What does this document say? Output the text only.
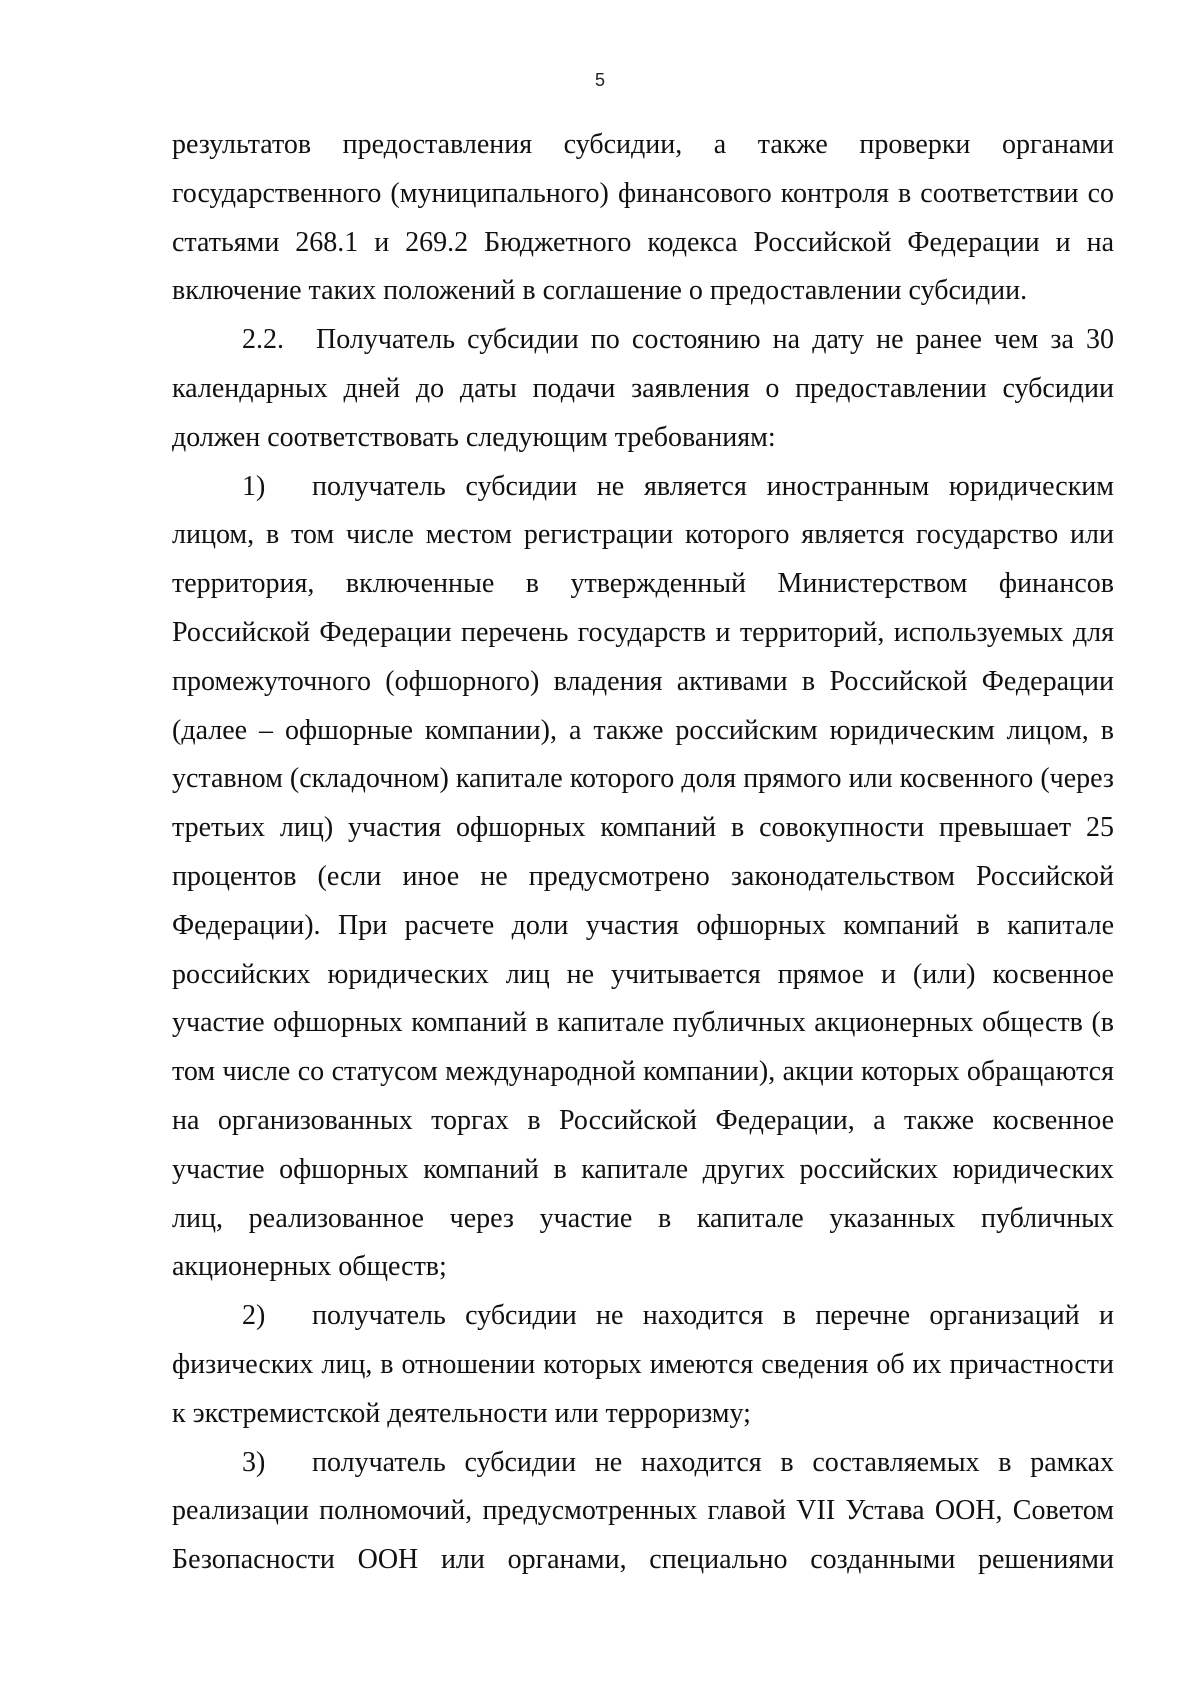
5

результатов предоставления субсидии, а также проверки органами государственного (муниципального) финансового контроля в соответствии со статьями 268.1 и 269.2 Бюджетного кодекса Российской Федерации и на включение таких положений в соглашение о предоставлении субсидии.

2.2. Получатель субсидии по состоянию на дату не ранее чем за 30 календарных дней до даты подачи заявления о предоставлении субсидии должен соответствовать следующим требованиям:

1) получатель субсидии не является иностранным юридическим лицом, в том числе местом регистрации которого является государство или территория, включенные в утвержденный Министерством финансов Российской Федерации перечень государств и территорий, используемых для промежуточного (офшорного) владения активами в Российской Федерации (далее – офшорные компании), а также российским юридическим лицом, в уставном (складочном) капитале которого доля прямого или косвенного (через третьих лиц) участия офшорных компаний в совокупности превышает 25 процентов (если иное не предусмотрено законодательством Российской Федерации). При расчете доли участия офшорных компаний в капитале российских юридических лиц не учитывается прямое и (или) косвенное участие офшорных компаний в капитале публичных акционерных обществ (в том числе со статусом международной компании), акции которых обращаются на организованных торгах в Российской Федерации, а также косвенное участие офшорных компаний в капитале других российских юридических лиц, реализованное через участие в капитале указанных публичных акционерных обществ;

2) получатель субсидии не находится в перечне организаций и физических лиц, в отношении которых имеются сведения об их причастности к экстремистской деятельности или терроризму;

3) получатель субсидии не находится в составляемых в рамках реализации полномочий, предусмотренных главой VII Устава ООН, Советом Безопасности ООН или органами, специально созданными решениями
